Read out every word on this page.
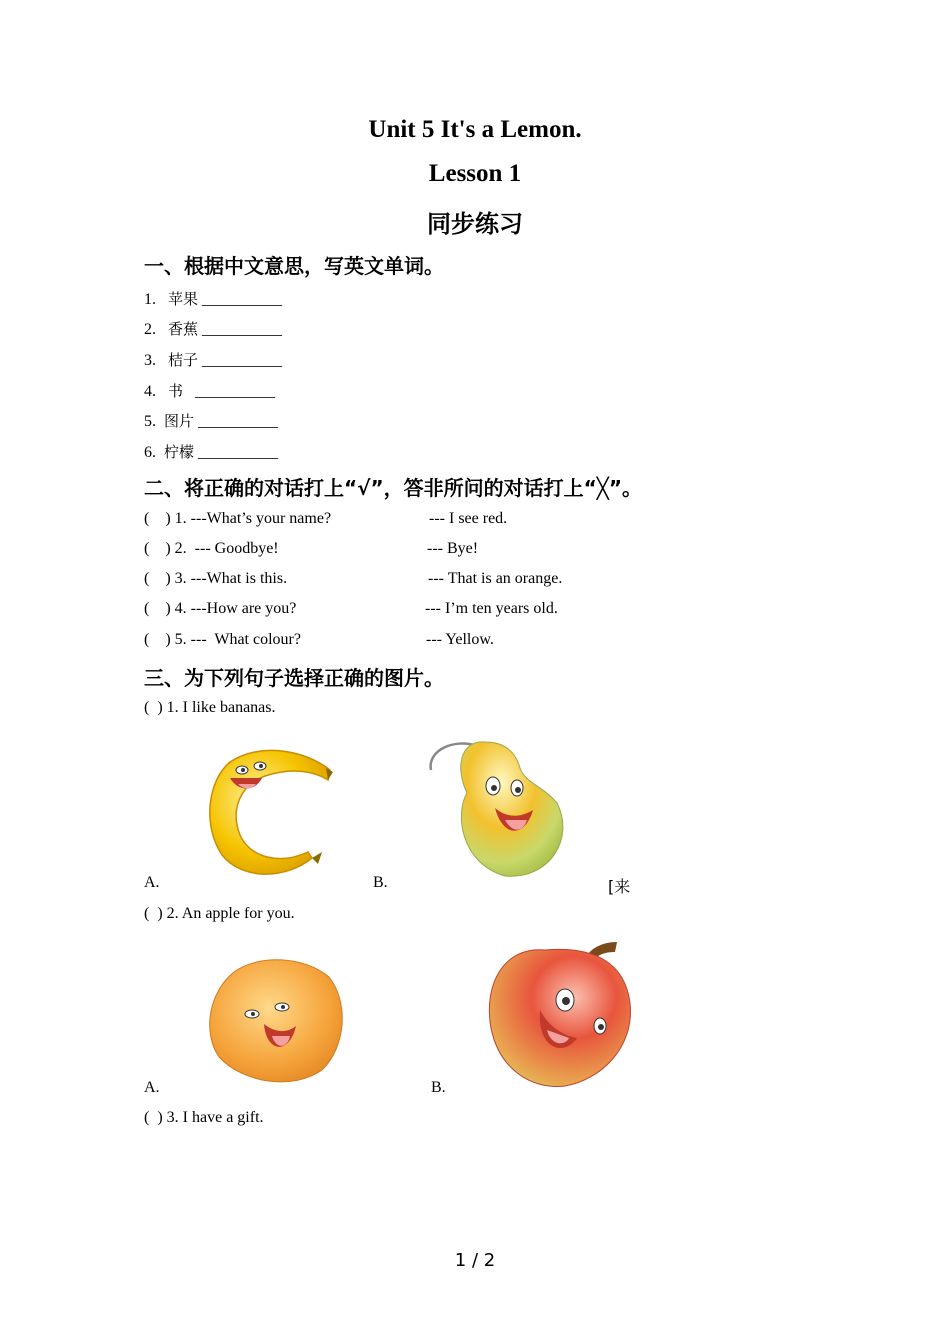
Unit 5 It's a Lemon.
Lesson 1
同步练习
一、根据中文意思，写英文单词。
1. 苹果 __________
2. 香蕉 __________
3. 桔子 __________
4. 书 __________
5. 图片 __________
6. 柠檬 __________
二、将正确的对话打上“√”，答非所问的对话打上“╳”。
(    ) 1. ---What’s your name?	--- I see red.
(    ) 2.  --- Goodbye!	--- Bye!
(    ) 3. ---What is this.	--- That is an orange.
(    ) 4. ---How are you?	--- I’m ten years old.
(    ) 5. ---  What colour?	--- Yellow.
三、为下列句子选择正确的图片。
(  ) 1. I like bananas.
A.	B.	[来
(  ) 2. An apple for you.
A.	B.
(  ) 3. I have a gift.
1 / 2
